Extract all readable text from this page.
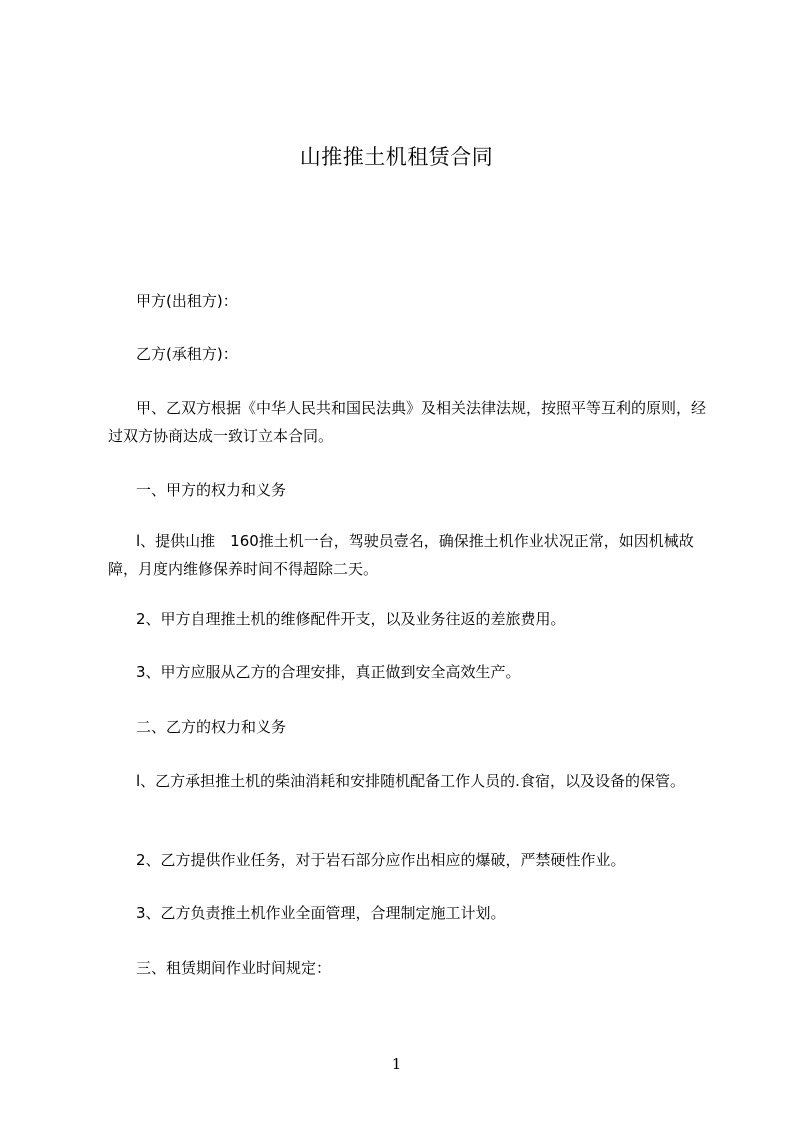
山推推土机租赁合同

甲方(出租方)：

乙方(承租方)：

甲、乙双方根据《中华人民共和国民法典》及相关法律法规，按照平等互利的原则，经过双方协商达成一致订立本合同。

一、甲方的权力和义务

l、提供山推　160推土机一台，驾驶员壹名，确保推土机作业状况正常，如因机械故障，月度内维修保养时间不得超除二天。

2、甲方自理推土机的维修配件开支，以及业务往返的差旅费用。

3、甲方应服从乙方的合理安排，真正做到安全高效生产。

二、乙方的权力和义务

l、乙方承担推土机的柴油消耗和安排随机配备工作人员的.食宿，以及设备的保管。

2、乙方提供作业任务，对于岩石部分应作出相应的爆破，严禁硬性作业。

3、乙方负责推土机作业全面管理，合理制定施工计划。

三、租赁期间作业时间规定：

1
